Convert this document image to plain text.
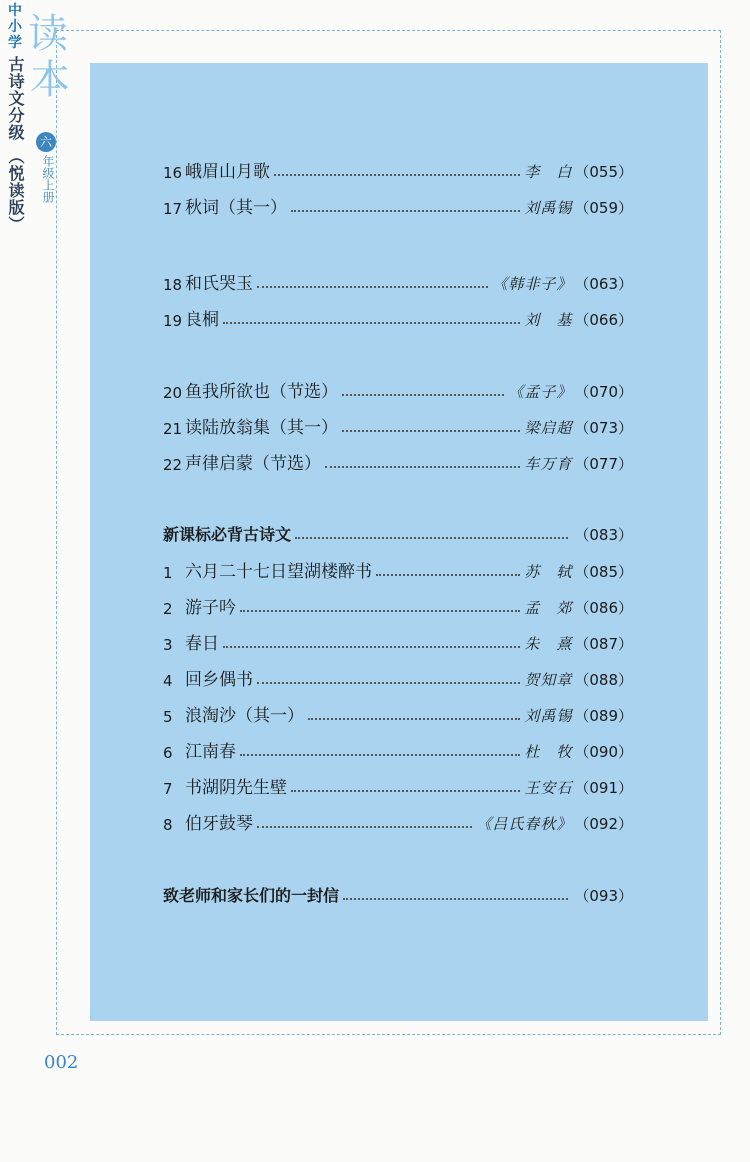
中
小
学 读
本
古诗文分级
（悦读版）
六
年级上册	16 峨眉山月歌	李　白 （055）
17 秋词（其一）	刘禹锡 （059）
18 和氏哭玉	《韩非子》 （063）
19 良桐	刘　基 （066）
20 鱼我所欲也（节选）	《孟子》 （070）
21 读陆放翁集（其一）	梁启超 （073）
22 声律启蒙（节选）	车万育 （077）
新课标必背古诗文	（083）
1 六月二十七日望湖楼醉书	苏　轼 （085）
2 游子吟	孟　郊 （086）
3 春日	朱　熹 （087）
4 回乡偶书	贺知章 （088）
5 浪淘沙（其一）	刘禹锡 （089）
6 江南春	杜　牧 （090）
7 书湖阴先生壁	王安石 （091）
8 伯牙鼓琴	《吕氏春秋》 （092）
致老师和家长们的一封信	（093）
002
